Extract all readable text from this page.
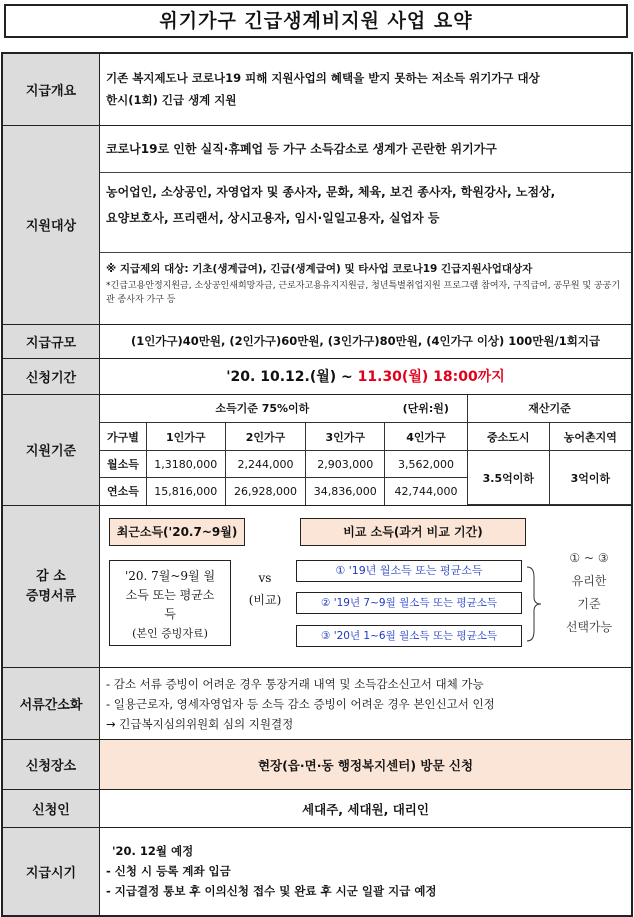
위기가구 긴급생계비지원 사업 요약
지급개요	
기존 복지제도나 코로나19 피해 지원사업의 혜택을 받지 못하는 저소득 위기가구 대상
한시(1회) 긴급 생계 지원

지원대상	
코로나19로 인한 실직·휴폐업 등 가구 소득감소로 생계가 곤란한 위기가구
농어업인, 소상공인, 자영업자 및 종사자, 문화, 체육, 보건 종사자, 학원강사, 노점상,
요양보호사, 프리랜서, 상시고용자, 임시·일일고용자, 실업자 등
※ 지급제외 대상: 기초(생계급여), 긴급(생계급여) 및 타사업 코로나19 긴급지원사업대상자
*긴급고용안정지원금, 소상공인새희망자금, 근로자고용유지지원금, 청년특별취업지원 프로그램 참여자, 구직급여, 공무원 및 공공기관 종사자 가구 등

지급규모	(1인가구)40만원, (2인가구)60만원, (3인가구)80만원, (4인가구 이상) 100만원/1회지급
신청기간	'20. 10.12.(월) ~ 11.30(월) 18:00까지
지원기준	
소득기준 75%이하	(단위:원)	재산기준
가구별	1인가구	2인가구	3인가구	4인가구	중소도시	농어촌지역
월소득	1,3180,000	2,244,000	2,903,000	3,562,000	3.5억이하	3억이하
연소득	15,816,000	26,928,000	34,836,000	42,744,000

감 소
증명서류

최근소득('20.7~9월)	비교 소득(과거 비교 기간)
'20. 7월~9월 월 소득 또는 평균소득
(본인 증빙자료)
vs
(비교)
① '19년 월소득 또는 평균소득
② '19년 7~9월 월소득 또는 평균소득
③ '20년 1~6월 월소득 또는 평균소득
① ~ ③
유리한
기준
선택가능

서류간소화	
- 감소 서류 증빙이 어려운 경우 통장거래 내역 및 소득감소신고서 대체 가능
- 일용근로자, 영세자영업자 등 소득 감소 증빙이 어려운 경우 본인신고서 인정
→ 긴급복지심의위원회 심의 지원결정

신청장소	현장(읍·면·동 행정복지센터) 방문 신청
신청인	세대주, 세대원, 대리인
지급시기	
'20. 12월 예정
- 신청 시 등록 계좌 입금
- 지급결정 통보 후 이의신청 접수 및 완료 후 시군 일괄 지급 예정
